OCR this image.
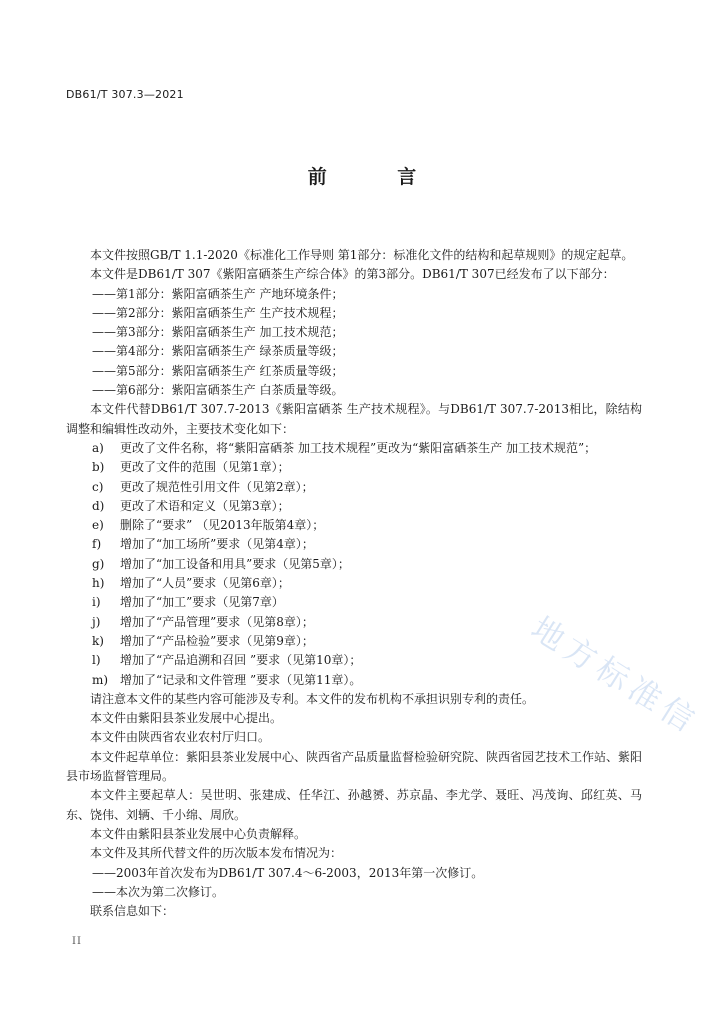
DB61/T 307.3—2021
前 言

本文件按照GB/T 1.1-2020《标准化工作导则 第1部分：标准化文件的结构和起草规则》的规定起草。

本文件是DB61/T 307《紫阳富硒茶生产综合体》的第3部分。DB61/T 307已经发布了以下部分：

——第1部分：紫阳富硒茶生产 产地环境条件；

——第2部分：紫阳富硒茶生产 生产技术规程；

——第3部分：紫阳富硒茶生产 加工技术规范；

——第4部分：紫阳富硒茶生产 绿茶质量等级；

——第5部分：紫阳富硒茶生产 红茶质量等级；

——第6部分：紫阳富硒茶生产 白茶质量等级。

本文件代替DB61/T 307.7-2013《紫阳富硒茶 生产技术规程》。与DB61/T 307.7-2013相比，除结构调整和编辑性改动外，主要技术变化如下：

a)	更改了文件名称，将“紫阳富硒茶 加工技术规程”更改为“紫阳富硒茶生产 加工技术规范”；
b)	更改了文件的范围（见第1章）；
c)	更改了规范性引用文件（见第2章）；
d)	更改了术语和定义（见第3章）；
e)	删除了“要求” （见2013年版第4章）；
f)	增加了“加工场所”要求（见第4章）；
g)	增加了“加工设备和用具”要求（见第5章）；
h)	增加了“人员”要求（见第6章）；
i)	增加了“加工”要求（见第7章）
j)	增加了“产品管理”要求（见第8章）；
k)	增加了“产品检验”要求（见第9章）；
l)	增加了“产品追溯和召回 ”要求（见第10章）；
m) 增加了“记录和文件管理 ”要求（见第11章）。

请注意本文件的某些内容可能涉及专利。本文件的发布机构不承担识别专利的责任。

本文件由紫阳县茶业发展中心提出。

本文件由陕西省农业农村厅归口。

本文件起草单位：紫阳县茶业发展中心、陕西省产品质量监督检验研究院、陕西省园艺技术工作站、紫阳县市场监督管理局。

本文件主要起草人：吴世明、张建成、任华江、孙越赟、苏京晶、李尤学、聂旺、冯茂询、邱红英、马东、饶伟、刘辆、千小绵、周欣。

本文件由紫阳县茶业发展中心负责解释。

本文件及其所代替文件的历次版本发布情况为：

——2003年首次发布为DB61/T 307.4～6-2003，2013年第一次修订。

——本次为第二次修订。

联系信息如下：

II
地方标准信
